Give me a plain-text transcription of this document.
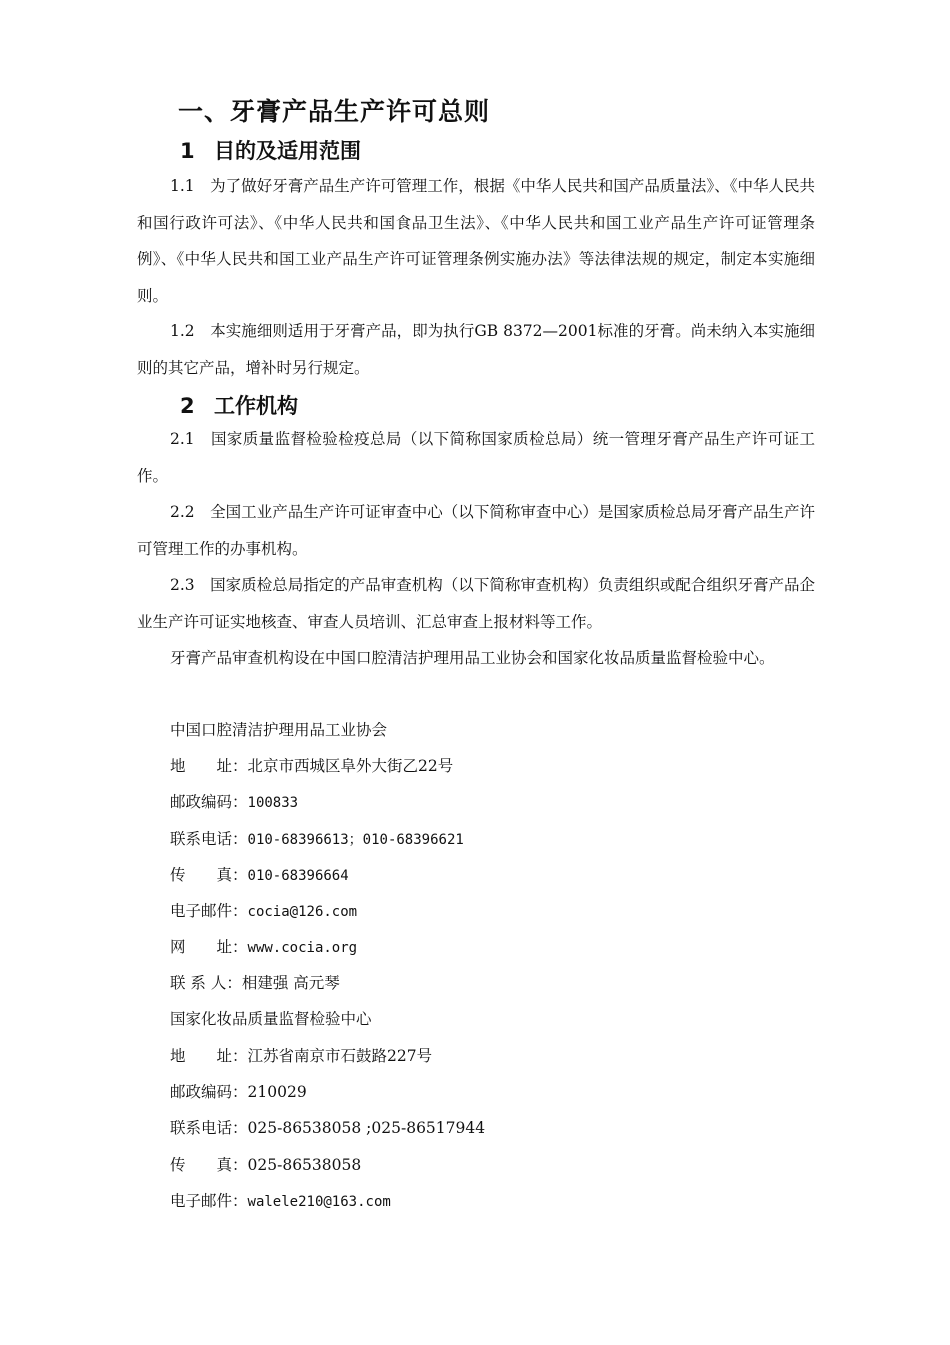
一、牙膏产品生产许可总则
1 目的及适用范围

1.1　为了做好牙膏产品生产许可管理工作，根据《中华人民共和国产品质量法》、《中华人民共和国行政许可法》、《中华人民共和国食品卫生法》、《中华人民共和国工业产品生产许可证管理条例》、《中华人民共和国工业产品生产许可证管理条例实施办法》等法律法规的规定，制定本实施细则。

1.2　本实施细则适用于牙膏产品，即为执行GB 8372—2001标准的牙膏。尚未纳入本实施细则的其它产品，增补时另行规定。

2 工作机构

2.1　国家质量监督检验检疫总局（以下简称国家质检总局）统一管理牙膏产品生产许可证工作。

2.2　全国工业产品生产许可证审查中心（以下简称审查中心）是国家质检总局牙膏产品生产许可管理工作的办事机构。

2.3　国家质检总局指定的产品审查机构（以下简称审查机构）负责组织或配合组织牙膏产品企业生产许可证实地核查、审查人员培训、汇总审查上报材料等工作。

牙膏产品审查机构设在中国口腔清洁护理用品工业协会和国家化妆品质量监督检验中心。

中国口腔清洁护理用品工业协会
地　　址：北京市西城区阜外大街乙22号
邮政编码：100833
联系电话：010-68396613；010-68396621
传　　真：010-68396664
电子邮件：cocia@126.com
网　　址：www.cocia.org
联 系 人：相建强 高元琴
国家化妆品质量监督检验中心
地　　址：江苏省南京市石鼓路227号
邮政编码：210029
联系电话：025-86538058 ;025-86517944
传　　真：025-86538058
电子邮件：walele210@163.com
